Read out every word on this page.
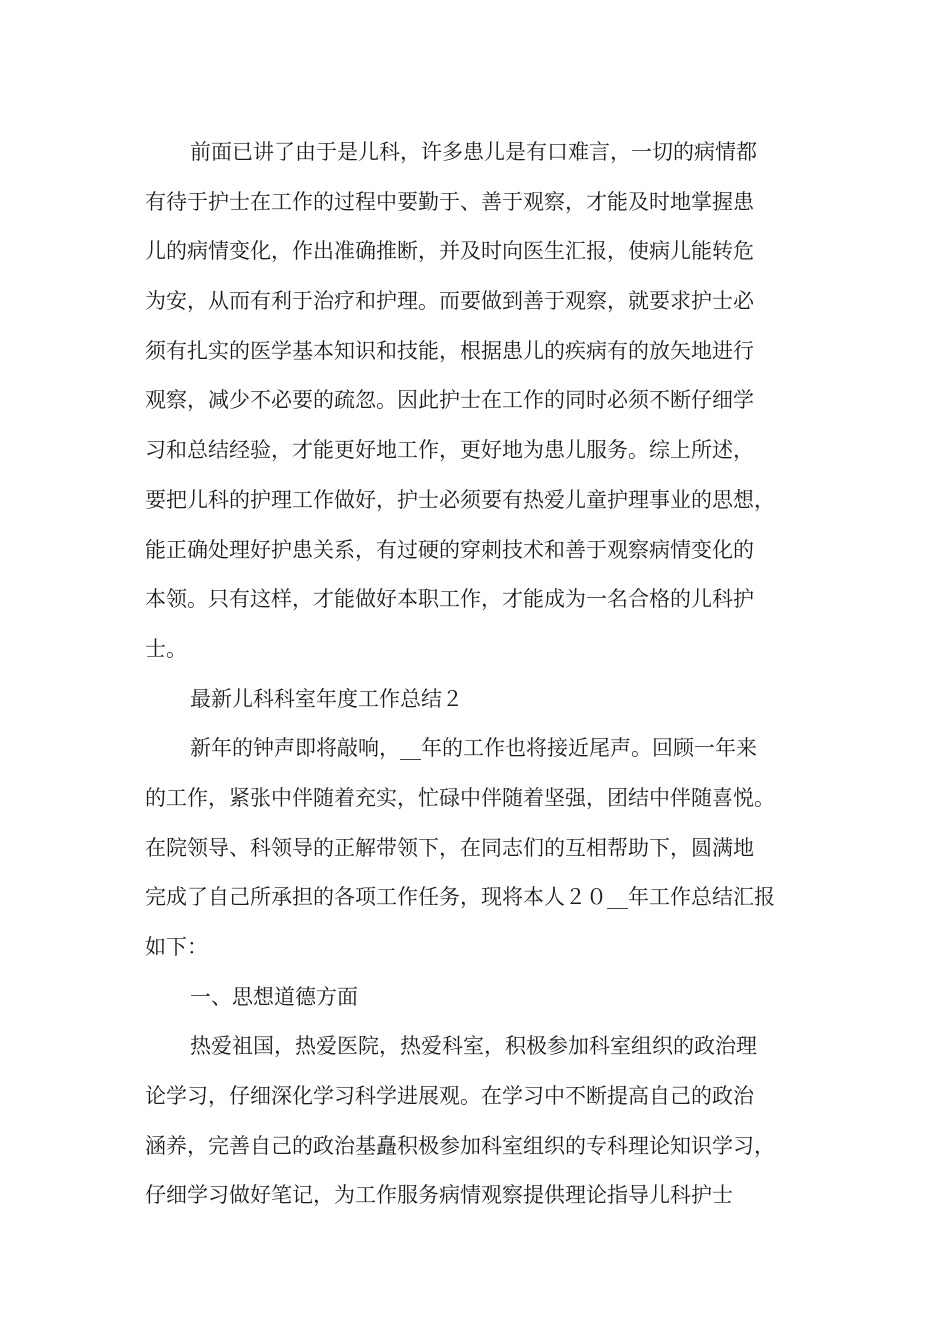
前面已讲了由于是儿科，许多患儿是有口难言，一切的病情都
有待于护士在工作的过程中要勤于、善于观察，才能及时地掌握患
儿的病情变化，作出准确推断，并及时向医生汇报，使病儿能转危
为安，从而有利于治疗和护理。而要做到善于观察，就要求护士必
须有扎实的医学基本知识和技能，根据患儿的疾病有的放矢地进行
观察，减少不必要的疏忽。因此护士在工作的同时必须不断仔细学
习和总结经验，才能更好地工作，更好地为患儿服务。综上所述，
要把儿科的护理工作做好，护士必须要有热爱儿童护理事业的思想，
能正确处理好护患关系，有过硬的穿刺技术和善于观察病情变化的
本领。只有这样，才能做好本职工作，才能成为一名合格的儿科护
士。
最新儿科科室年度工作总结２
新年的钟声即将敲响，__年的工作也将接近尾声。回顾一年来
的工作，紧张中伴随着充实，忙碌中伴随着坚强，团结中伴随喜悦。
在院领导、科领导的正解带领下，在同志们的互相帮助下，圆满地
完成了自己所承担的各项工作任务，现将本人２０__年工作总结汇报
如下：
一、思想道德方面
热爱祖国，热爱医院，热爱科室，积极参加科室组织的政治理
论学习，仔细深化学习科学进展观。在学习中不断提高自己的政治
涵养，完善自己的政治基矗积极参加科室组织的专科理论知识学习，
仔细学习做好笔记，为工作服务病情观察提供理论指导儿科护士
